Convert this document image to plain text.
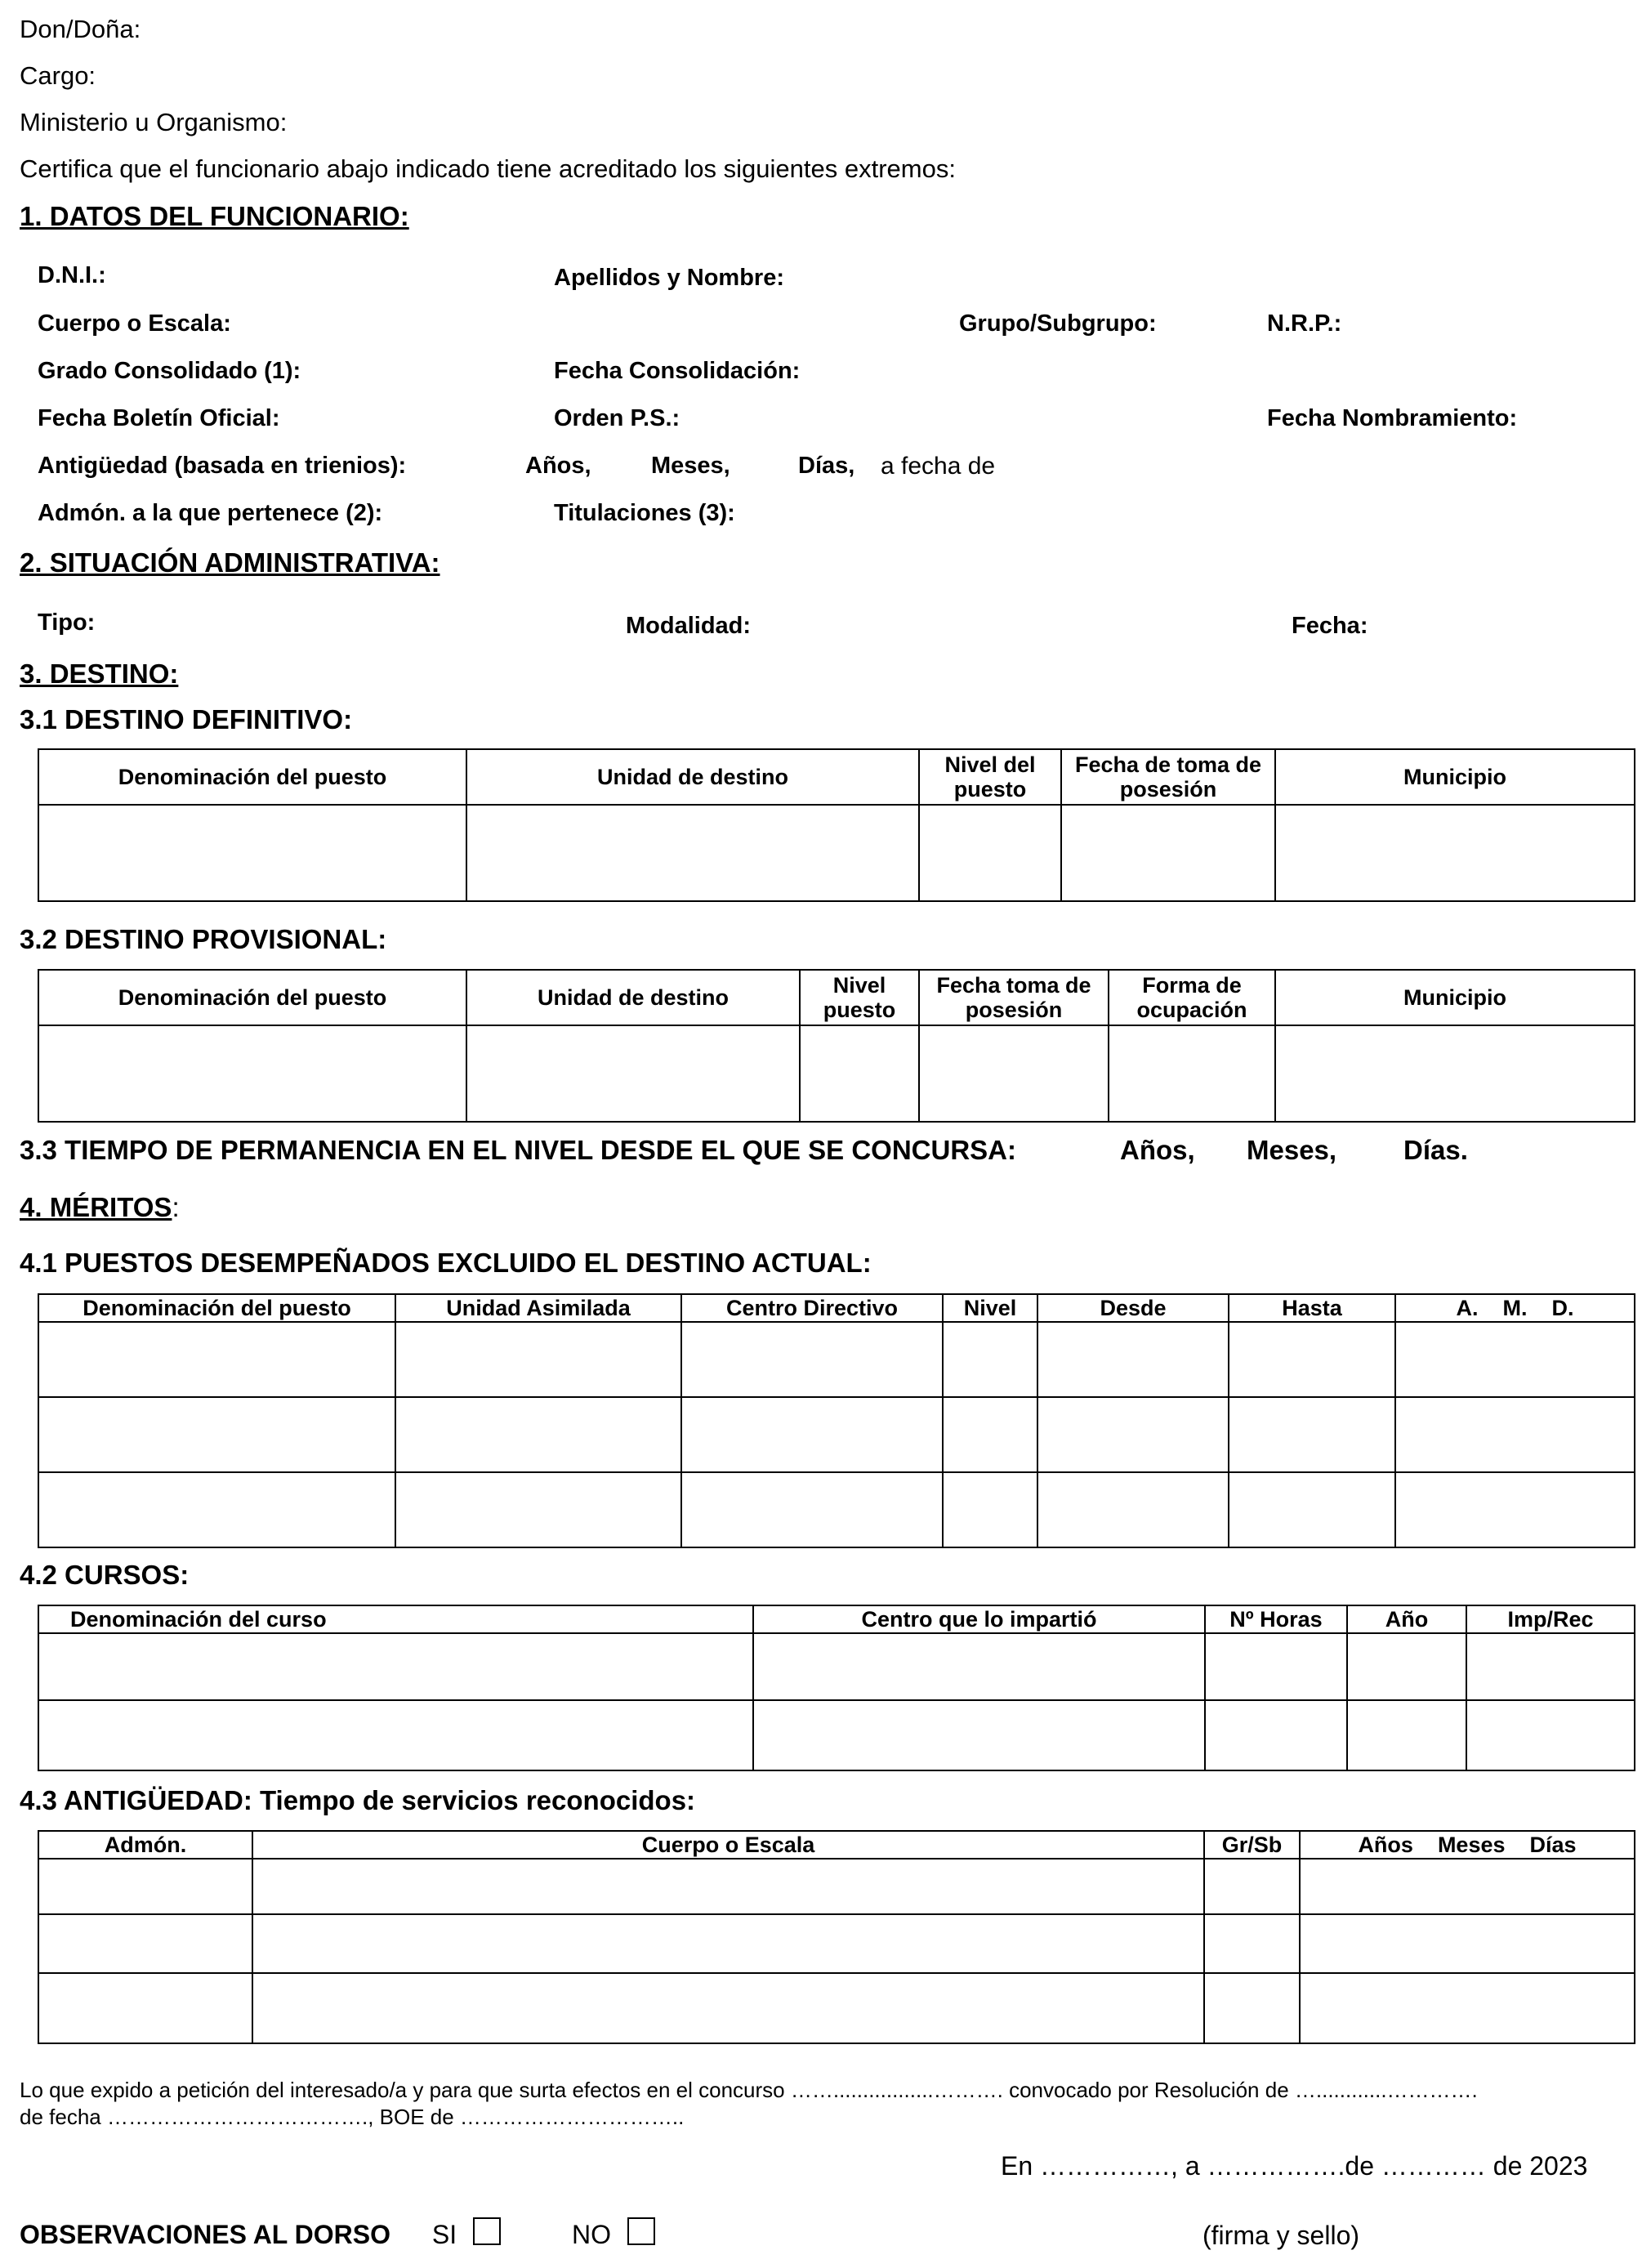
Don/Doña:
Cargo:
Ministerio u Organismo:
Certifica que el funcionario abajo indicado tiene acreditado los siguientes extremos:
1. DATOS DEL FUNCIONARIO:
D.N.I.:	Apellidos y Nombre:
Cuerpo o Escala:	Grupo/Subgrupo:	N.R.P.:
Grado Consolidado (1):	Fecha Consolidación:
Fecha Boletín Oficial:	Orden P.S.:	Fecha Nombramiento:
Antigüedad (basada en trienios):	Años,	Meses,	Días, a fecha de
Admón. a la que pertenece (2):	Titulaciones (3):
2. SITUACIÓN ADMINISTRATIVA:
Tipo:	Modalidad:	Fecha:
3. DESTINO:
3.1 DESTINO DEFINITIVO:
Denominación del puesto	Unidad de destino	Nivel del puesto	Fecha de toma de posesión	Municipio

3.2 DESTINO PROVISIONAL:
Denominación del puesto	Unidad de destino	Nivel puesto	Fecha toma de posesión	Forma de ocupación	Municipio

3.3 TIEMPO DE PERMANENCIA EN EL NIVEL DESDE EL QUE SE CONCURSA:	Años, Meses, Días.
4. MÉRITOS:
4.1 PUESTOS DESEMPEÑADOS EXCLUIDO EL DESTINO ACTUAL:
Denominación del puesto	Unidad Asimilada	Centro Directivo	Nivel	Desde	Hasta	A.    M.    D.

4.2 CURSOS:
Denominación del curso	Centro que lo impartió	Nº Horas	Año	Imp/Rec

4.3 ANTIGÜEDAD: Tiempo de servicios reconocidos:
Admón.	Cuerpo o Escala	Gr/Sb	Años    Meses    Días

Lo que expido a petición del interesado/a y para que surta efectos en el concurso …….................………. convocado por Resolución de …............………….
de fecha ………………………………., BOE de …………………………..
En ……………, a …………….de ………… de 2023
OBSERVACIONES AL DORSO SI	NO	(firma y sello)
